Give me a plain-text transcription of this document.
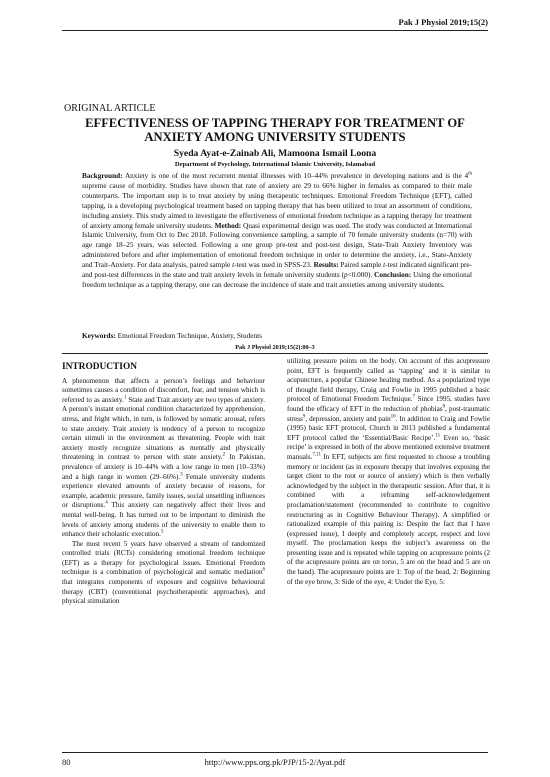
Pak J Physiol 2019;15(2)
ORIGINAL ARTICLE
EFFECTIVENESS OF TAPPING THERAPY FOR TREATMENT OF ANXIETY AMONG UNIVERSITY STUDENTS
Syeda Ayat-e-Zainab Ali, Mamoona Ismail Loona
Department of Psychology, International Islamic University, Islamabad
Background: Anxiety is one of the most recurrent mental illnesses with 10–44% prevalence in developing nations and is the 4th supreme cause of morbidity. Studies have shown that rate of anxiety are 29 to 66% higher in females as compared to their male counterparts. The important step is to treat anxiety by using therapeutic techniques. Emotional Freedom Technique (EFT), called tapping, is a developing psychological treatment based on tapping therapy that has been utilized to treat an assortment of conditions, including anxiety. This study aimed to investigate the effectiveness of emotional freedom technique as a tapping therapy for treatment of anxiety among female university students. Method: Quasi experimental design was used. The study was conducted at International Islamic University, from Oct to Dec 2018. Following convenience sampling, a sample of 70 female university students (n=70) with age range 18–25 years, was selected. Following a one group pre-test and post-test design, State-Trait Anxiety Inventory was administered before and after implementation of emotional freedom technique in order to determine the anxiety, i.e., State-Anxiety and Trait-Anxiety. For data analysis, paired sample t-test was used in SPSS-23. Results: Paired sample t-test indicated significant pre- and post-test differences in the state and trait anxiety levels in female university students (p<0.000). Conclusion: Using the emotional freedom technique as a tapping therapy, one can decrease the incidence of state and trait anxieties among university students.
Keywords: Emotional Freedom Technique, Anxiety, Students
Pak J Physiol 2019;15(2):80–3
INTRODUCTION

A phenomenon that affects a person’s feelings and behaviour sometimes causes a condition of discomfort, fear, and tension which is referred to as anxiety.$^1$ State and Trait anxiety are two types of anxiety. A person’s instant emotional condition characterized by apprehension, stress, and fright which, in turn, is followed by somatic arousal, refers to state anxiety. Trait anxiety is tendency of a person to recognize certain stimuli in the environment as threatening. People with trait anxiety mostly recognize situations as mentally and physically threatening in contrast to person with state anxiety.$^2$ In Pakistan, prevalence of anxiety is 10–44% with a low range in men (10–33%) and a high range in women (29–66%).$^3$ Female university students experience elevated amounts of anxiety because of reasons, for example, academic pressure, family issues, social unsettling influences or disruptions.$^4$ This anxiety can negatively affect their lives and mental well-being. It has turned out to be important to diminish the levels of anxiety among students of the university to enable them to enhance their scholastic execution.$^5$

The most recent 5 years have observed a stream of randomized controlled trials (RCTs) considering emotional freedom technique (EFT) as a therapy for psychological issues. Emotional Freedom technique is a combination of psychological and somatic mediation$^6$ that integrates components of exposure and cognitive behavioural therapy (CBT) (conventional psychotherapeutic approaches), and physical stimulation

utilizing pressure points on the body. On account of this acupressure point, EFT is frequently called as ‘tapping’ and it is similar to acupuncture, a popular Chinese healing method. As a popularized type of thought field therapy, Craig and Fowlie in 1995 published a basic protocol of Emotional Freedom Technique.$^7$ Since 1995, studies have found the efficacy of EFT in the reduction of phobias$^8$, post-traumatic stress$^9$, depression, anxiety and pain$^{10}$. In addition to Craig and Fowlie (1995) basic EFT protocol, Church in 2013 published a fundamental EFT protocol called the ‘Essential/Basic Recipe’.$^{11}$ Even so, ‘basic recipe’ is expressed in both of the above mentioned extensive treatment manuals.$^{7,11}$ In EFT, subjects are first requested to choose a troubling memory or incident (as in exposure therapy that involves exposing the target client to the root or source of anxiety) which is then verbally acknowledged by the subject in the therapeutic session. After that, it is combined with a reframing self-acknowledgement proclamation/statement (recommended to contribute to cognitive restructuring as in Cognitive Behaviour Therapy). A simplified or rationalized example of this pairing is: Despite the fact that I have (expressed issue), I deeply and completely accept, respect and love myself. The proclamation keeps the subject’s awareness on the presenting issue and is repeated while tapping on acupressure points (2 of the acupressure points are on torso, 5 are on the head and 5 are on the hand). The acupressure points are 1: Top of the head, 2: Beginning of the eye brow, 3: Side of the eye, 4: Under the Eye, 5:

80	http://www.pps.org.pk/PJP/15-2/Ayat.pdf
